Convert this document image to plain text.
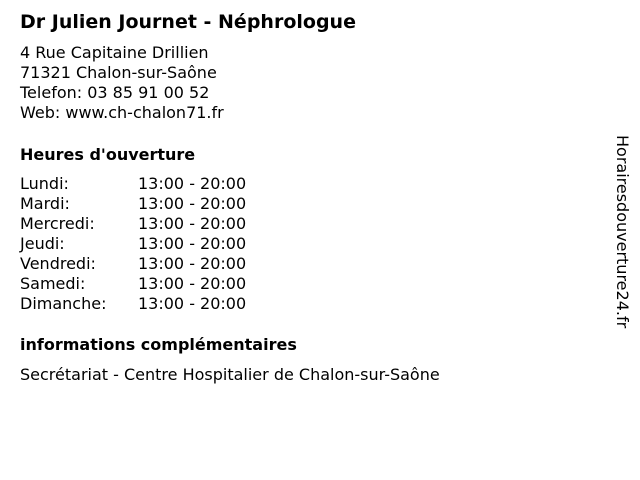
Dr Julien Journet - Néphrologue
4 Rue Capitaine Drillien
71321 Chalon-sur-Saône
Telefon: 03 85 91 00 52
Web: www.ch-chalon71.fr
Heures d'ouverture
Lundi:	13:00 - 20:00
Mardi:	13:00 - 20:00
Mercredi:	13:00 - 20:00
Jeudi:	13:00 - 20:00
Vendredi:	13:00 - 20:00
Samedi:	13:00 - 20:00
Dimanche:	13:00 - 20:00
informations complémentaires
Secrétariat - Centre Hospitalier de Chalon-sur-Saône
Horairesdouverture24.fr
